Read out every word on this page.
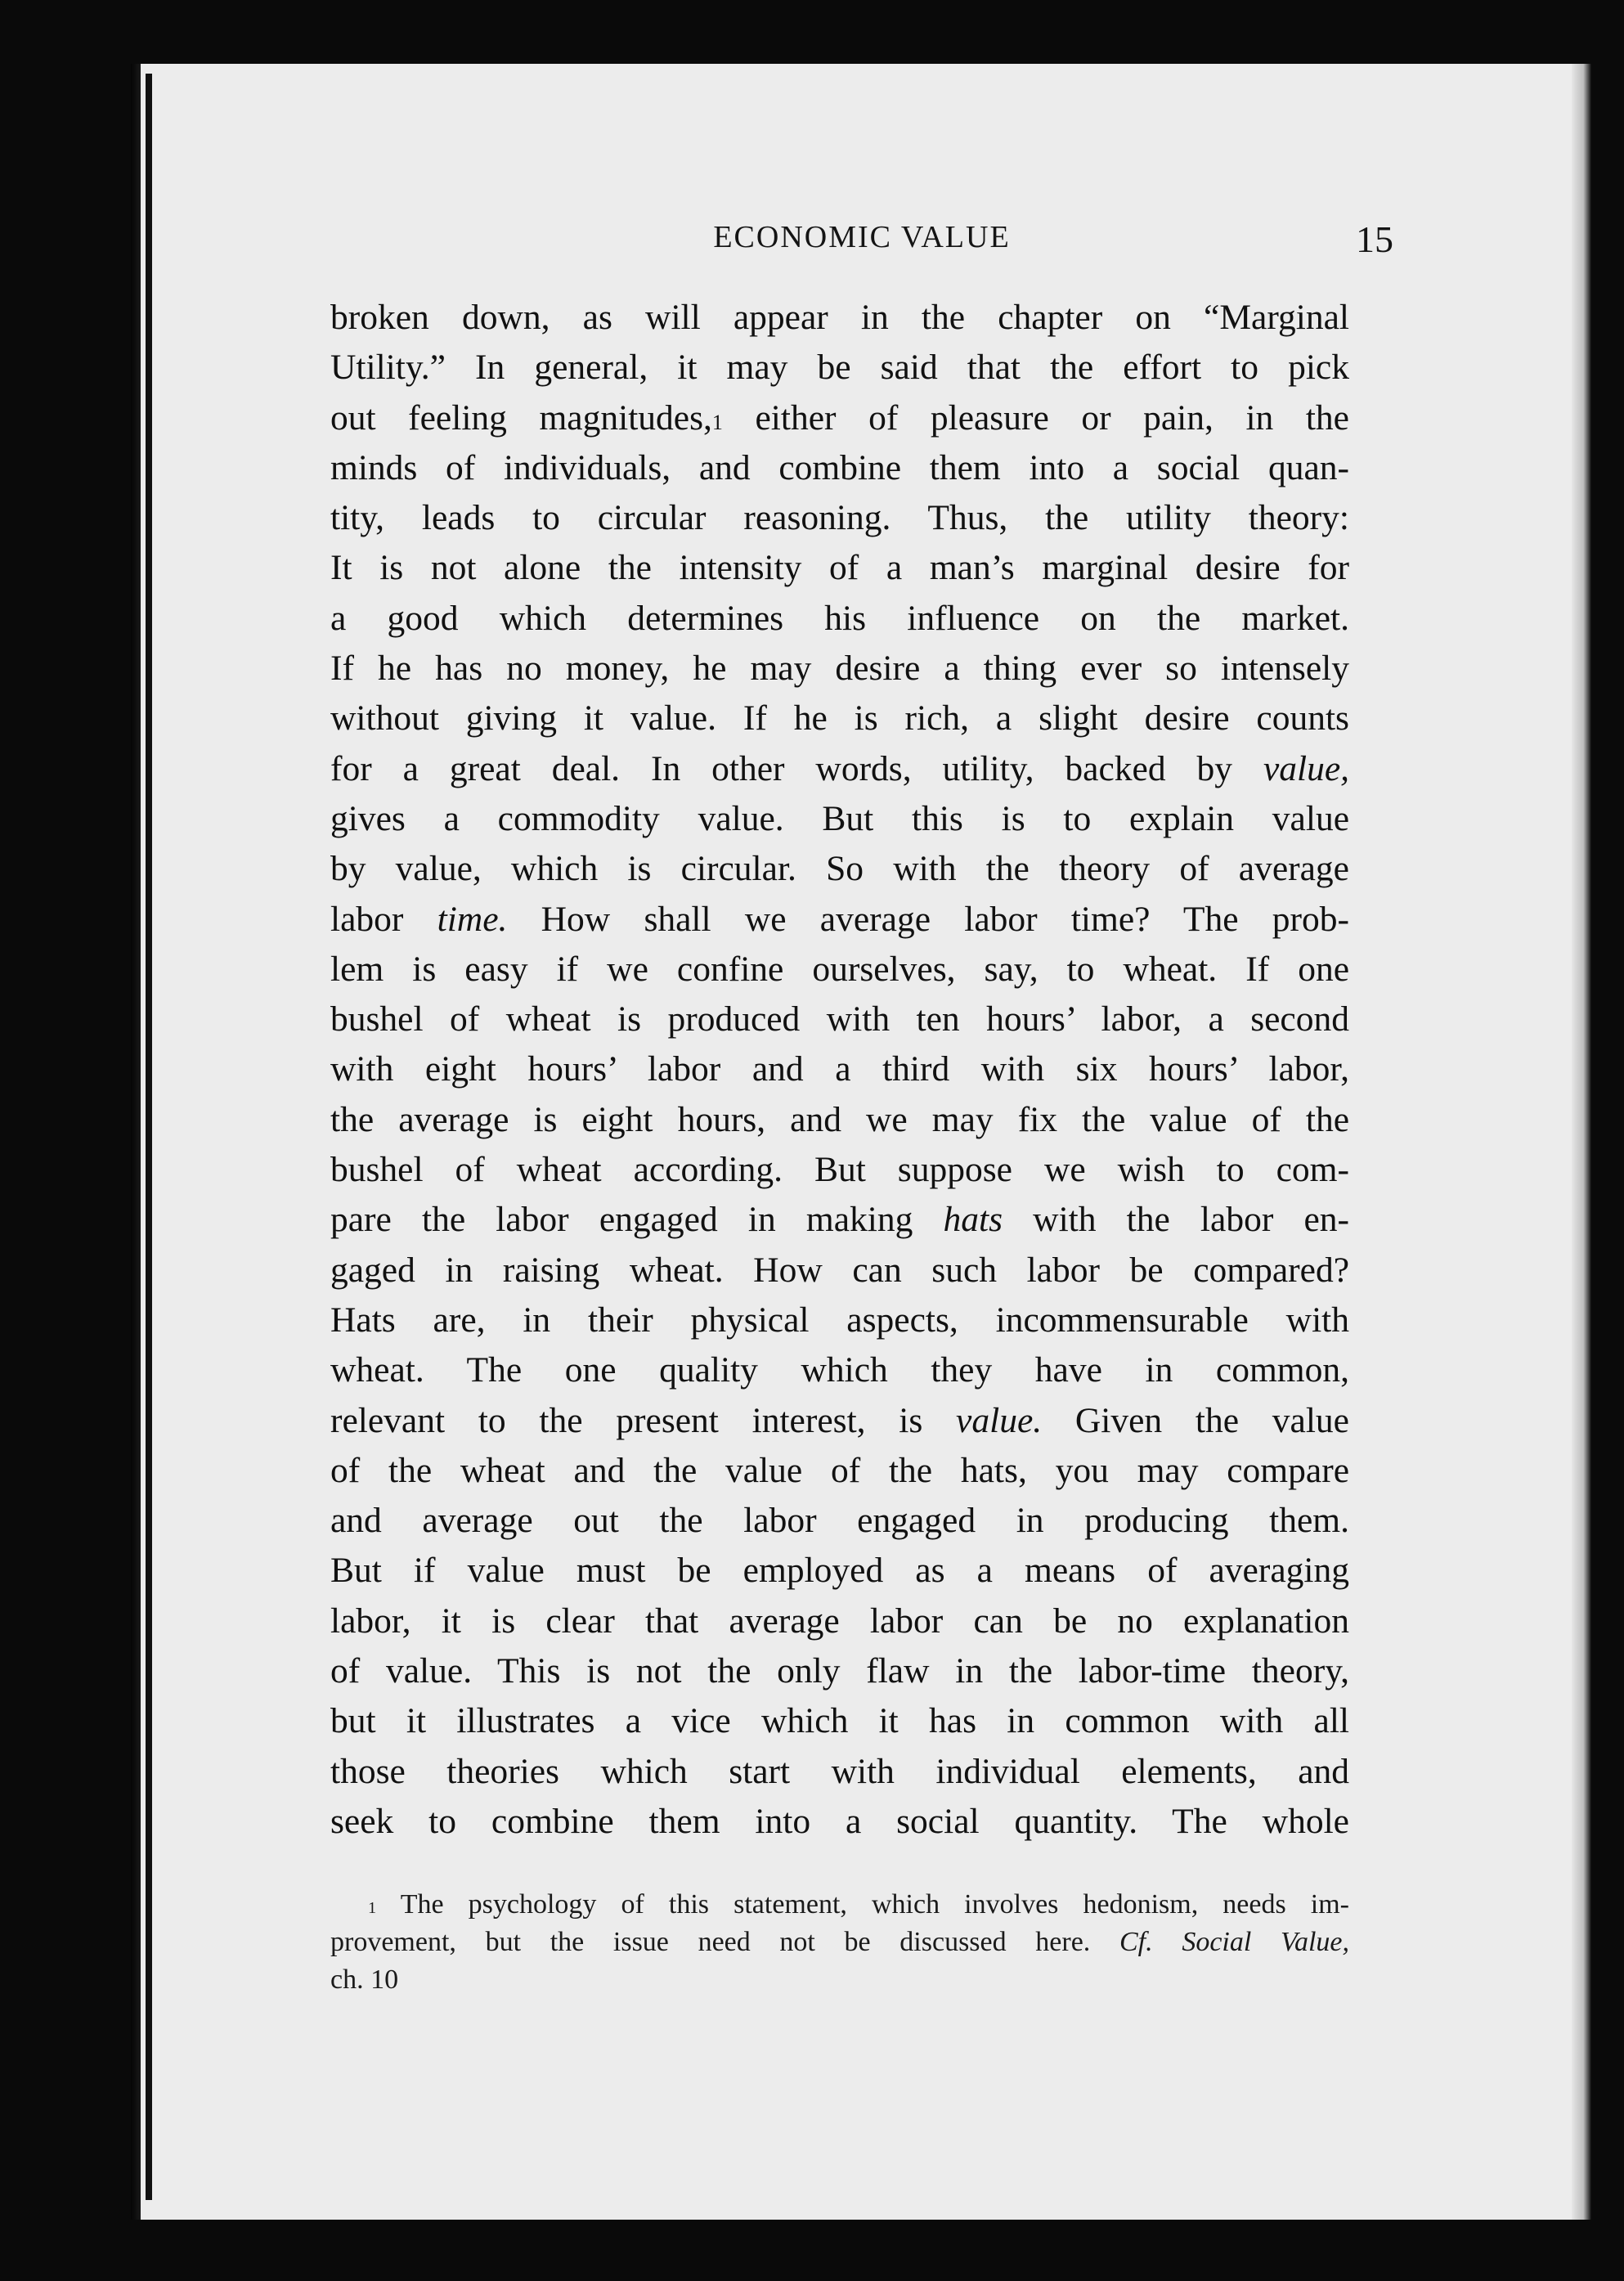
ECONOMIC VALUE	15
broken down, as will appear in the chapter on “Marginal
Utility.” In general, it may be said that the effort to pick
out feeling magnitudes,$^1$ either of pleasure or pain, in the
minds of individuals, and combine them into a social quan-
tity, leads to circular reasoning. Thus, the utility theory:
It is not alone the intensity of a man’s marginal desire for
a good which determines his influence on the market.
If he has no money, he may desire a thing ever so intensely
without giving it value. If he is rich, a slight desire counts
for a great deal. In other words, utility, backed by value,
gives a commodity value. But this is to explain value
by value, which is circular. So with the theory of average
labor time. How shall we average labor time? The prob-
lem is easy if we confine ourselves, say, to wheat. If one
bushel of wheat is produced with ten hours’ labor, a second
with eight hours’ labor and a third with six hours’ labor,
the average is eight hours, and we may fix the value of the
bushel of wheat according. But suppose we wish to com-
pare the labor engaged in making hats with the labor en-
gaged in raising wheat. How can such labor be compared?
Hats are, in their physical aspects, incommensurable with
wheat. The one quality which they have in common,
relevant to the present interest, is value. Given the value
of the wheat and the value of the hats, you may compare
and average out the labor engaged in producing them.
But if value must be employed as a means of averaging
labor, it is clear that average labor can be no explanation
of value. This is not the only flaw in the labor-time theory,
but it illustrates a vice which it has in common with all
those theories which start with individual elements, and
seek to combine them into a social quantity. The whole
$^1$ The psychology of this statement, which involves hedonism, needs im-
provement, but the issue need not be discussed here. Cf. Social Value,
ch. 10
